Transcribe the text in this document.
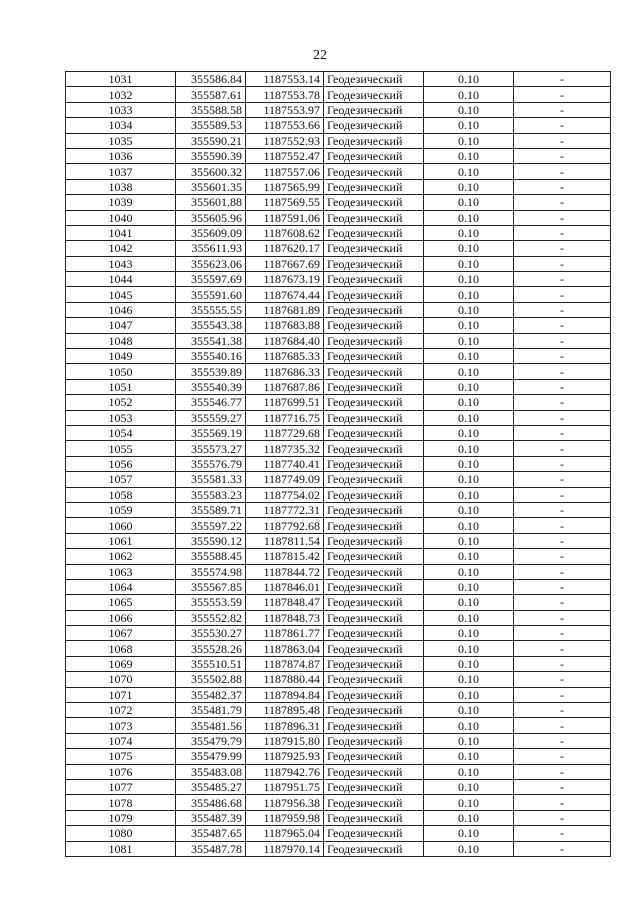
22
1031	355586.84	1187553.14	Геодезический	0.10	-
1032	355587.61	1187553.78	Геодезический	0.10	-
1033	355588.58	1187553.97	Геодезический	0.10	-
1034	355589.53	1187553.66	Геодезический	0.10	-
1035	355590.21	1187552.93	Геодезический	0.10	-
1036	355590.39	1187552.47	Геодезический	0.10	-
1037	355600.32	1187557.06	Геодезический	0.10	-
1038	355601.35	1187565.99	Геодезический	0.10	-
1039	355601.88	1187569.55	Геодезический	0.10	-
1040	355605.96	1187591.06	Геодезический	0.10	-
1041	355609.09	1187608.62	Геодезический	0.10	-
1042	355611.93	1187620.17	Геодезический	0.10	-
1043	355623.06	1187667.69	Геодезический	0.10	-
1044	355597.69	1187673.19	Геодезический	0.10	-
1045	355591.60	1187674.44	Геодезический	0.10	-
1046	355555.55	1187681.89	Геодезический	0.10	-
1047	355543.38	1187683.88	Геодезический	0.10	-
1048	355541.38	1187684.40	Геодезический	0.10	-
1049	355540.16	1187685.33	Геодезический	0.10	-
1050	355539.89	1187686.33	Геодезический	0.10	-
1051	355540.39	1187687.86	Геодезический	0.10	-
1052	355546.77	1187699.51	Геодезический	0.10	-
1053	355559.27	1187716.75	Геодезический	0.10	-
1054	355569.19	1187729.68	Геодезический	0.10	-
1055	355573.27	1187735.32	Геодезический	0.10	-
1056	355576.79	1187740.41	Геодезический	0.10	-
1057	355581.33	1187749.09	Геодезический	0.10	-
1058	355583.23	1187754.02	Геодезический	0.10	-
1059	355589.71	1187772.31	Геодезический	0.10	-
1060	355597.22	1187792.68	Геодезический	0.10	-
1061	355590.12	1187811.54	Геодезический	0.10	-
1062	355588.45	1187815.42	Геодезический	0.10	-
1063	355574.98	1187844.72	Геодезический	0.10	-
1064	355567.85	1187846.01	Геодезический	0.10	-
1065	355553.59	1187848.47	Геодезический	0.10	-
1066	355552.82	1187848.73	Геодезический	0.10	-
1067	355530.27	1187861.77	Геодезический	0.10	-
1068	355528.26	1187863.04	Геодезический	0.10	-
1069	355510.51	1187874.87	Геодезический	0.10	-
1070	355502.88	1187880.44	Геодезический	0.10	-
1071	355482.37	1187894.84	Геодезический	0.10	-
1072	355481.79	1187895.48	Геодезический	0.10	-
1073	355481.56	1187896.31	Геодезический	0.10	-
1074	355479.79	1187915.80	Геодезический	0.10	-
1075	355479.99	1187925.93	Геодезический	0.10	-
1076	355483.08	1187942.76	Геодезический	0.10	-
1077	355485.27	1187951.75	Геодезический	0.10	-
1078	355486.68	1187956.38	Геодезический	0.10	-
1079	355487.39	1187959.98	Геодезический	0.10	-
1080	355487.65	1187965.04	Геодезический	0.10	-
1081	355487.78	1187970.14	Геодезический	0.10	-
